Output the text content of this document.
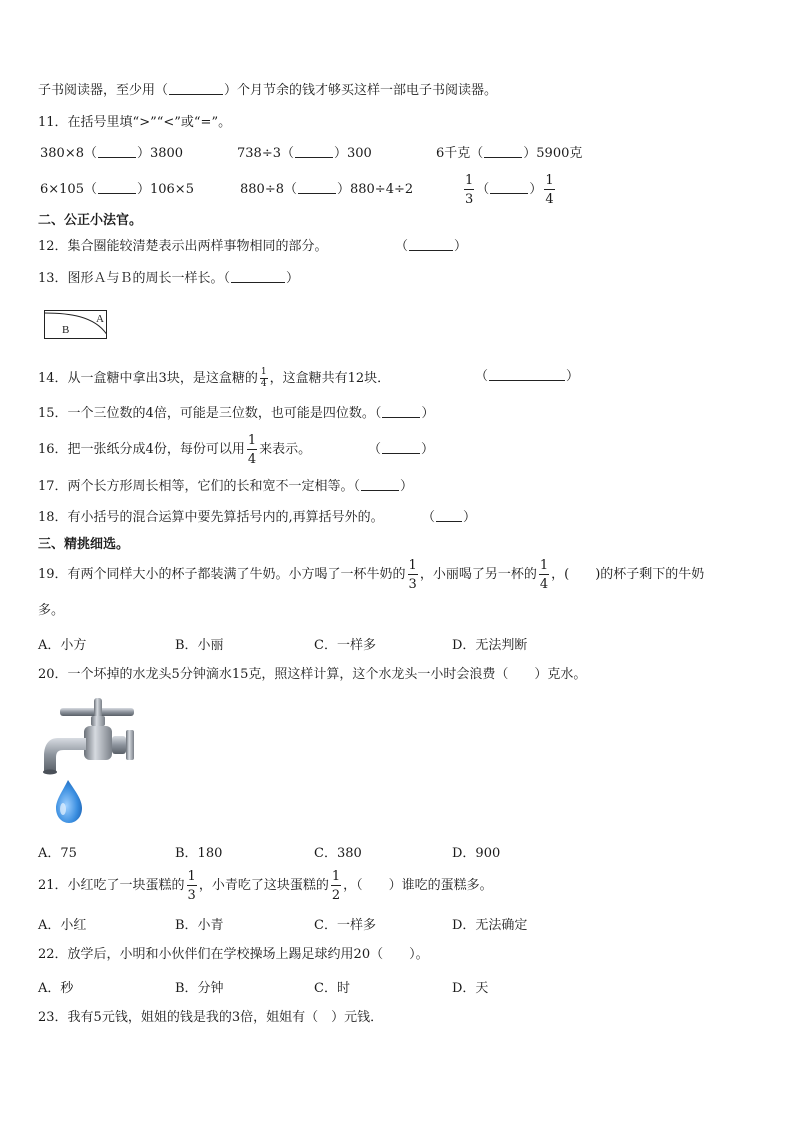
子书阅读器，至少用（	）个月节余的钱才够买这样一部电子书阅读器。
11．在括号里填“>”“<”或“=”。
380×8（	）3800	738÷3（	）300	6千克（	）5900克
6×105（	）106×5	880÷8（	）880÷4÷2	$\frac{1}{3}$ （	） $\frac{1}{4}$
二、公正小法官。
12．集合圈能较清楚表示出两样事物相同的部分。	（	）
13．图形Ａ与Ｂ的周长一样长。（	）
A
B
14．从一盒糖中拿出3块，是这盒糖的 $\frac{1}{4}$ ，这盒糖共有12块．	（	）
15．一个三位数的4倍，可能是三位数，也可能是四位数。（	）
16．把一张纸分成4份，每份可以用 $\frac{1}{4}$ 来表示。	（	）
17．两个长方形周长相等，它们的长和宽不一定相等。（	）
18．有小括号的混合运算中要先算括号内的,再算括号外的。	（ ）
三、精挑细选。
19．有两个同样大小的杯子都装满了牛奶。小方喝了一杯牛奶的 $\frac{1}{3}$ ，小丽喝了另一杯的 $\frac{1}{4}$ ，(　　)的杯子剩下的牛奶
多。
A．小方	B．小丽	C．一样多	D．无法判断
20．一个坏掉的水龙头5分钟滴水15克，照这样计算，这个水龙头一小时会浪费（　　）克水。
A．75	B．180	C．380	D．900
21．小红吃了一块蛋糕的 $\frac{1}{3}$ ，小青吃了这块蛋糕的 $\frac{1}{2}$ ，（　　）谁吃的蛋糕多。
A．小红	B．小青	C．一样多	D．无法确定
22．放学后，小明和小伙伴们在学校操场上踢足球约用20（　　）。
A．秒	B．分钟	C．时	D．天
23．我有5元钱，姐姐的钱是我的3倍，姐姐有（　）元钱．
